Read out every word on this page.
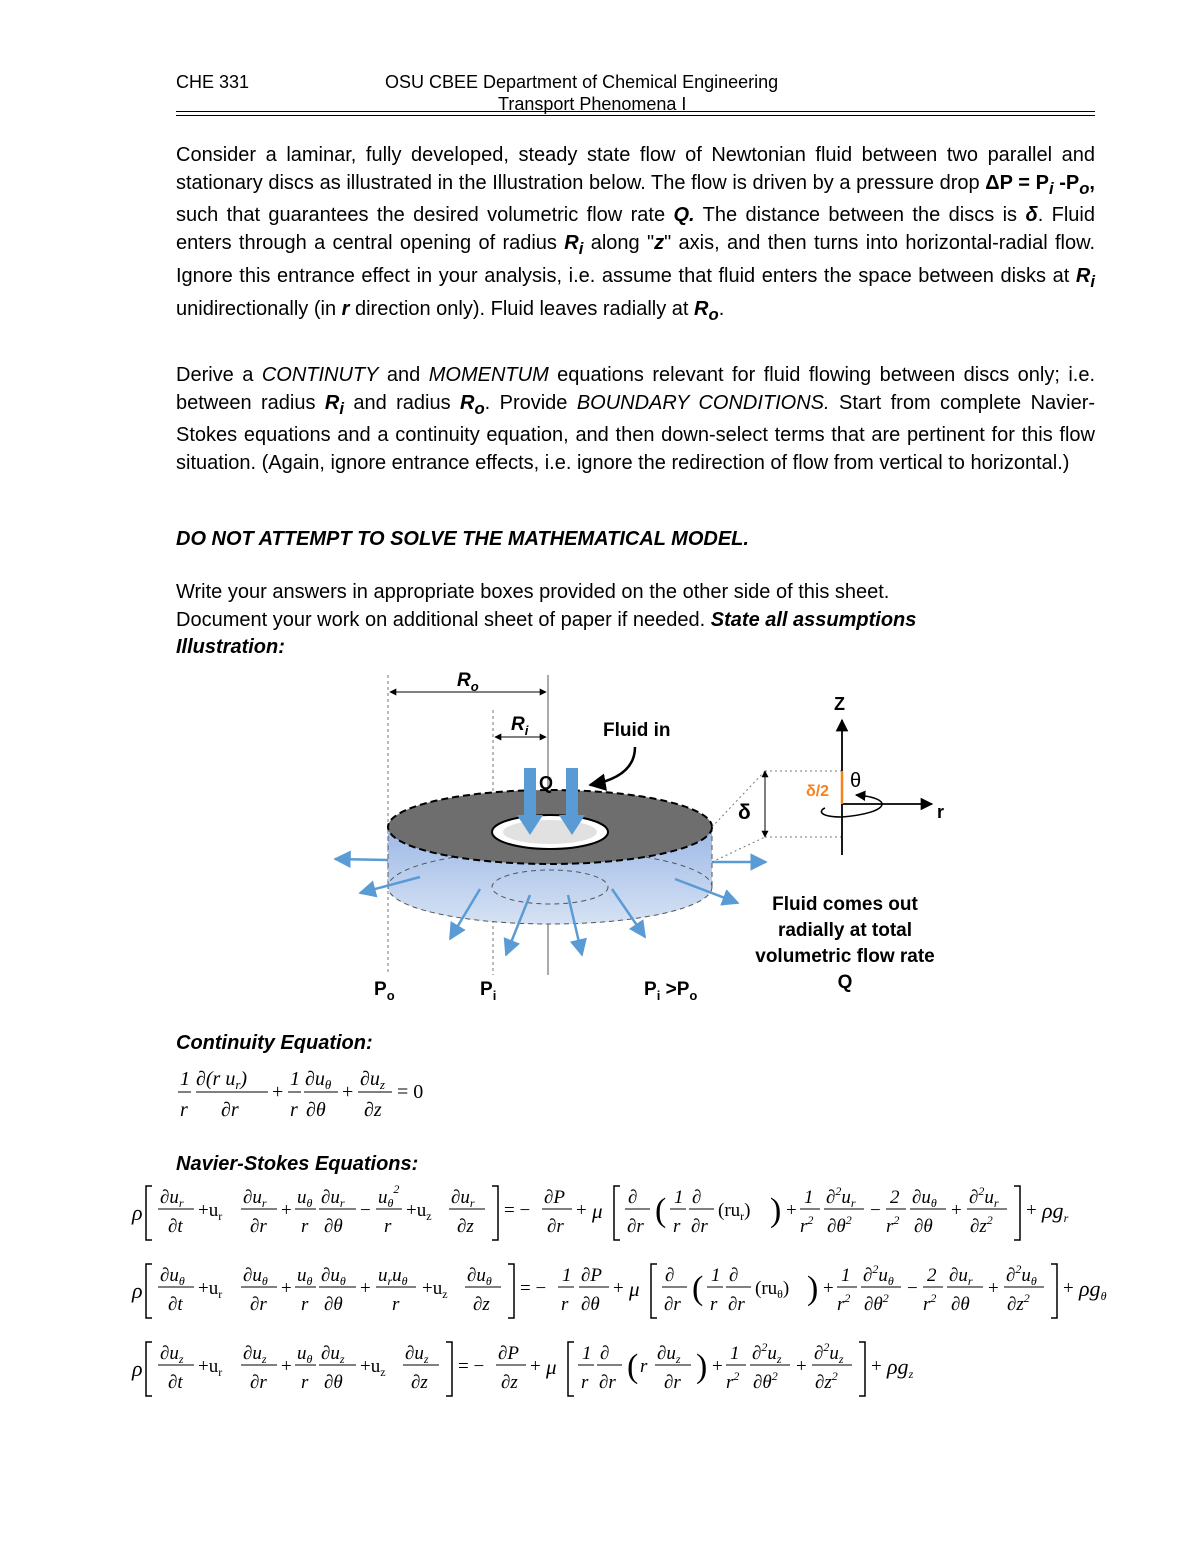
CHE 331	OSU CBEE Department of Chemical Engineering
Transport Phenomena I

Consider a laminar, fully developed, steady state flow of Newtonian fluid between two parallel and stationary discs as illustrated in the Illustration below. The flow is driven by a pressure drop $\Delta P = P_i$ $-P_o$, such that guarantees the desired volumetric flow rate Q. The distance between the discs is δ. Fluid enters through a central opening of radius $R_i$ along "z" axis, and then turns into horizontal-radial flow. Ignore this entrance effect in your analysis, i.e. assume that fluid enters the space between disks at $R_i$ unidirectionally (in r direction only). Fluid leaves radially at $R_o$.

Derive a CONTINUTY and MOMENTUM equations relevant for fluid flowing between discs only; i.e. between radius $R_i$ and radius $R_o$. Provide BOUNDARY CONDITIONS. Start from complete Navier-Stokes equations and a continuity equation, and then down-select terms that are pertinent for this flow situation. (Again, ignore entrance effects, i.e. ignore the redirection of flow from vertical to horizontal.)

DO NOT ATTEMPT TO SOLVE THE MATHEMATICAL MODEL.

Write your answers in appropriate boxes provided on the other side of this sheet.

Document your work on additional sheet of paper if needed. State all assumptions

Illustration:

$R_o$
$R_i$
Q
Fluid in
δ
Z
r
δ/2 θ
$P_o$	$P_i$	$P_i >P_o$
Fluid comes out
radially at total
volumetric flow rate
Q
Continuity Equation:
1
r
∂(r $u_r$)
∂r
+
1
r
$\partial u_\theta$
∂θ
+
$\partial u_z$
∂z
= 0
Navier-Stokes Equations:
ρ
$\partial u_r$
∂t
$+u_r$
$\partial u_r$
∂r
+
$u_\theta$
r
$\partial u_r$
∂θ
−
$u_\theta^2$
r
$+u_z$
$\partial u_r$
∂z
= −
∂P
∂r
+ μ
∂
∂r ( 1
r
∂
∂r
$(ru_r)$ ) +
1
$r^2$
$\partial^2u_r$
$\partial\theta^2$ −
2
$r^2$
$\partial u_\theta$
∂θ
+
$\partial^2u_r$
$\partial z^2 + \rho gr$
ρ
$\partial u_\theta$
∂t
$+u_r$
$\partial u_\theta$
∂r
+
$u_\theta$
r
$\partial u_\theta$
∂θ
+
$u_ru_\theta$
r
$+u_z$
$\partial u_\theta$
∂z
= −
1
r
∂P
∂θ
+ μ
∂
∂r ( 1
r
∂
∂r
$(ru_\theta)$ ) +
1
$r^2$
$\partial^2u_\theta$
$\partial\theta^2$ −
2
$r^2$
$\partial u_r$
∂θ
+
$\partial^2u_\theta$
$\partial z^2 + \rho g\theta$
ρ
$\partial u_z$
∂t
$+u_r$
$\partial u_z$
∂r
+
$u_\theta$
r
$\partial u_z$
∂θ
$+u_z$
$\partial u_z$
∂z
= −
∂P
∂z
+ μ
1
r
∂
∂r ( r
$\partial u_z$
∂r ) +
1
$r^2$
$\partial^2u_z$
$\partial\theta^2$ +
$\partial^2u_z$
$\partial z^2 + \rho gz$
